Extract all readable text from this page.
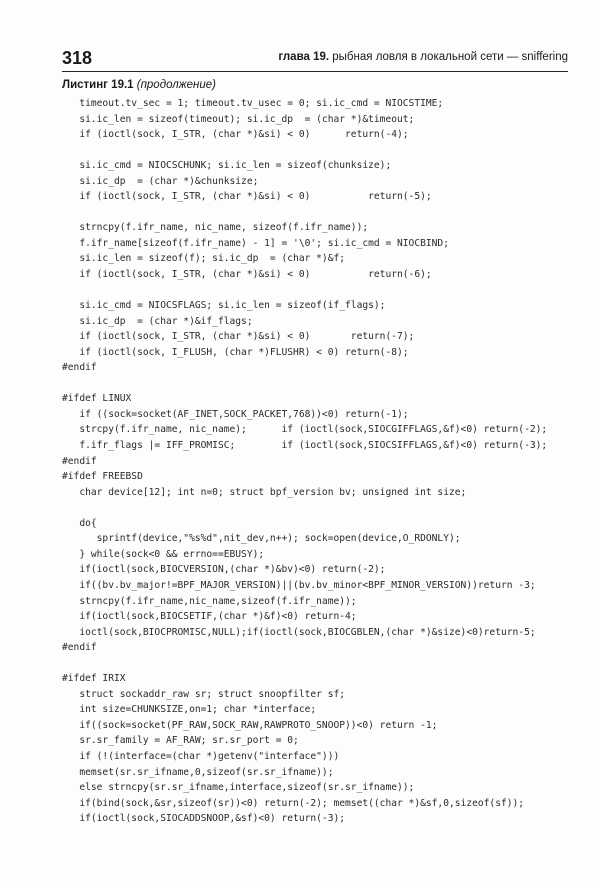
318	глава 19. рыбная ловля в локальной сети — sniffering
Листинг 19.1 (продолжение)
timeout.tv_sec = 1; timeout.tv_usec = 0; si.ic_cmd = NIOCSTIME;
si.ic_len = sizeof(timeout); si.ic_dp  = (char *)&timeout;
if (ioctl(sock, I_STR, (char *)&si) < 0)      return(-4);
si.ic_cmd = NIOCSCHUNK; si.ic_len = sizeof(chunksize);
si.ic_dp  = (char *)&chunksize;
if (ioctl(sock, I_STR, (char *)&si) < 0)          return(-5);
strncpy(f.ifr_name, nic_name, sizeof(f.ifr_name));
f.ifr_name[sizeof(f.ifr_name) - 1] = '\0'; si.ic_cmd = NIOCBIND;
si.ic_len = sizeof(f); si.ic_dp  = (char *)&f;
if (ioctl(sock, I_STR, (char *)&si) < 0)          return(-6);
si.ic_cmd = NIOCSFLAGS; si.ic_len = sizeof(if_flags);
si.ic_dp  = (char *)&if_flags;
if (ioctl(sock, I_STR, (char *)&si) < 0)       return(-7);
if (ioctl(sock, I_FLUSH, (char *)FLUSHR) < 0) return(-8);
#endif
#ifdef LINUX
if ((sock=socket(AF_INET,SOCK_PACKET,768))<0) return(-1);
strcpy(f.ifr_name, nic_name);      if (ioctl(sock,SIOCGIFFLAGS,&f)<0) return(-2);
f.ifr_flags |= IFF_PROMISC;        if (ioctl(sock,SIOCSIFFLAGS,&f)<0) return(-3);
#endif
#ifdef FREEBSD
char device[12]; int n=0; struct bpf_version bv; unsigned int size;
do{
sprintf(device,"%s%d",nit_dev,n++); sock=open(device,O_RDONLY);
} while(sock<0 && errno==EBUSY);
if(ioctl(sock,BIOCVERSION,(char *)&bv)<0) return(-2);
if((bv.bv_major!=BPF_MAJOR_VERSION)||(bv.bv_minor<BPF_MINOR_VERSION))return -3;
strncpy(f.ifr_name,nic_name,sizeof(f.ifr_name));
if(ioctl(sock,BIOCSETIF,(char *)&f)<0) return-4;
ioctl(sock,BIOCPROMISC,NULL);if(ioctl(sock,BIOCGBLEN,(char *)&size)<0)return-5;
#endif
#ifdef IRIX
struct sockaddr_raw sr; struct snoopfilter sf;
int size=CHUNKSIZE,on=1; char *interface;
if((sock=socket(PF_RAW,SOCK_RAW,RAWPROTO_SNOOP))<0) return -1;
sr.sr_family = AF_RAW; sr.sr_port = 0;
if (!(interface=(char *)getenv("interface")))
memset(sr.sr_ifname,0,sizeof(sr.sr_ifname));
else strncpy(sr.sr_ifname,interface,sizeof(sr.sr_ifname));
if(bind(sock,&sr,sizeof(sr))<0) return(-2); memset((char *)&sf,0,sizeof(sf));
if(ioctl(sock,SIOCADDSNOOP,&sf)<0) return(-3);
